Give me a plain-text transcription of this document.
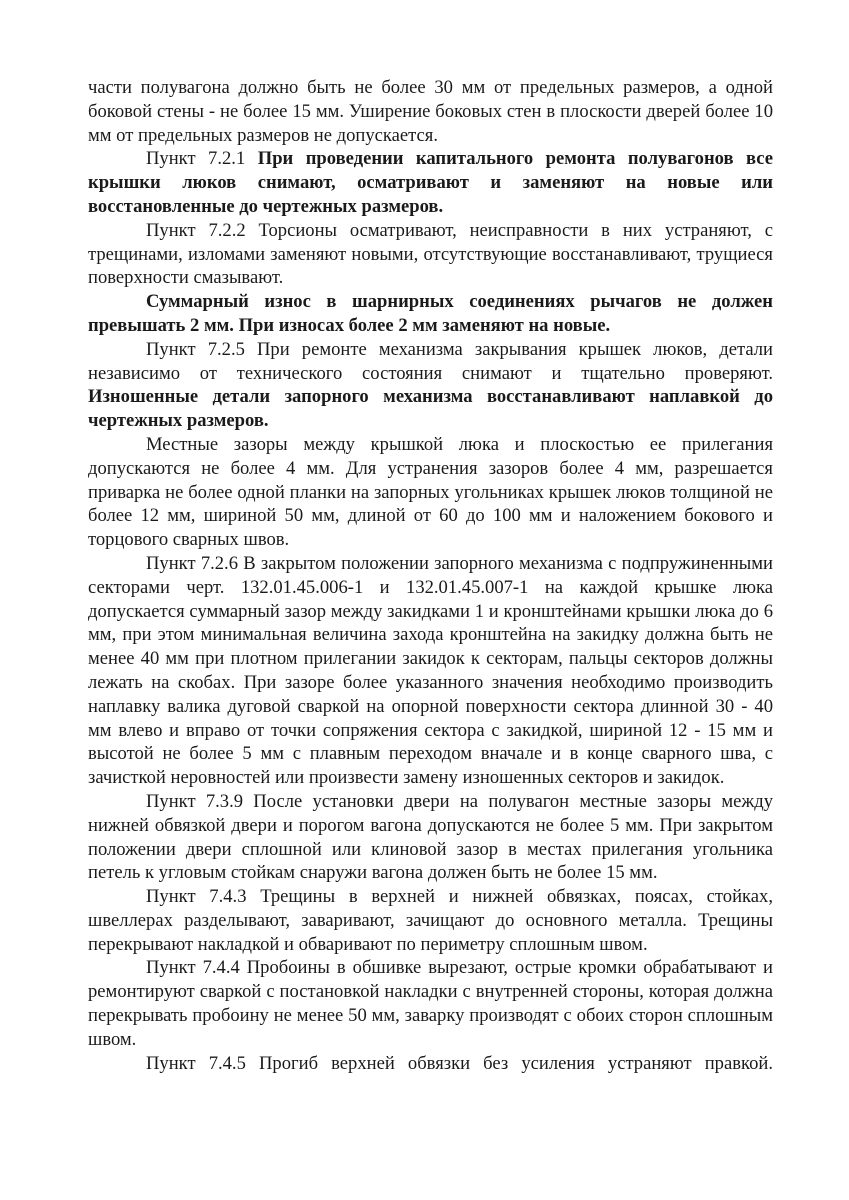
части полувагона должно быть не более 30 мм от предельных размеров, а одной боковой стены - не более 15 мм. Уширение боковых стен в плоскости дверей более 10 мм от предельных размеров не допускается.

Пункт 7.2.1 При проведении капитального ремонта полувагонов все крышки люков снимают, осматривают и заменяют на новые или восстановленные до чертежных размеров.

Пункт 7.2.2 Торсионы осматривают, неисправности в них устраняют, с трещинами, изломами заменяют новыми, отсутствующие восстанавливают, трущиеся поверхности смазывают.

Суммарный износ в шарнирных соединениях рычагов не должен превышать 2 мм. При износах более 2 мм заменяют на новые.

Пункт 7.2.5 При ремонте механизма закрывания крышек люков, детали независимо от технического состояния снимают и тщательно проверяют. Изношенные детали запорного механизма восстанавливают наплавкой до чертежных размеров.

Местные зазоры между крышкой люка и плоскостью ее прилегания допускаются не более 4 мм. Для устранения зазоров более 4 мм, разрешается приварка не более одной планки на запорных угольниках крышек люков толщиной не более 12 мм, шириной 50 мм, длиной от 60 до 100 мм и наложением бокового и торцового сварных швов.

Пункт 7.2.6 В закрытом положении запорного механизма с подпружиненными секторами черт. 132.01.45.006-1 и 132.01.45.007-1 на каждой крышке люка допускается суммарный зазор между закидками 1 и кронштейнами крышки люка до 6 мм, при этом минимальная величина захода кронштейна на закидку должна быть не менее 40 мм при плотном прилегании закидок к секторам, пальцы секторов должны лежать на скобах. При зазоре более указанного значения необходимо производить наплавку валика дуговой сваркой на опорной поверхности сектора длинной 30 - 40 мм влево и вправо от точки сопряжения сектора с закидкой, шириной 12 - 15 мм и высотой не более 5 мм с плавным переходом вначале и в конце сварного шва, с зачисткой неровностей или произвести замену изношенных секторов и закидок.

Пункт 7.3.9 После установки двери на полувагон местные зазоры между нижней обвязкой двери и порогом вагона допускаются не более 5 мм. При закрытом положении двери сплошной или клиновой зазор в местах прилегания угольника петель к угловым стойкам снаружи вагона должен быть не более 15 мм.

Пункт 7.4.3 Трещины в верхней и нижней обвязках, поясах, стойках, швеллерах разделывают, заваривают, зачищают до основного металла. Трещины перекрывают накладкой и обваривают по периметру сплошным швом.

Пункт 7.4.4 Пробоины в обшивке вырезают, острые кромки обрабатывают и ремонтируют сваркой с постановкой накладки с внутренней стороны, которая должна перекрывать пробоину не менее 50 мм, заварку производят с обоих сторон сплошным швом.

Пункт 7.4.5 Прогиб верхней обвязки без усиления устраняют правкой.
